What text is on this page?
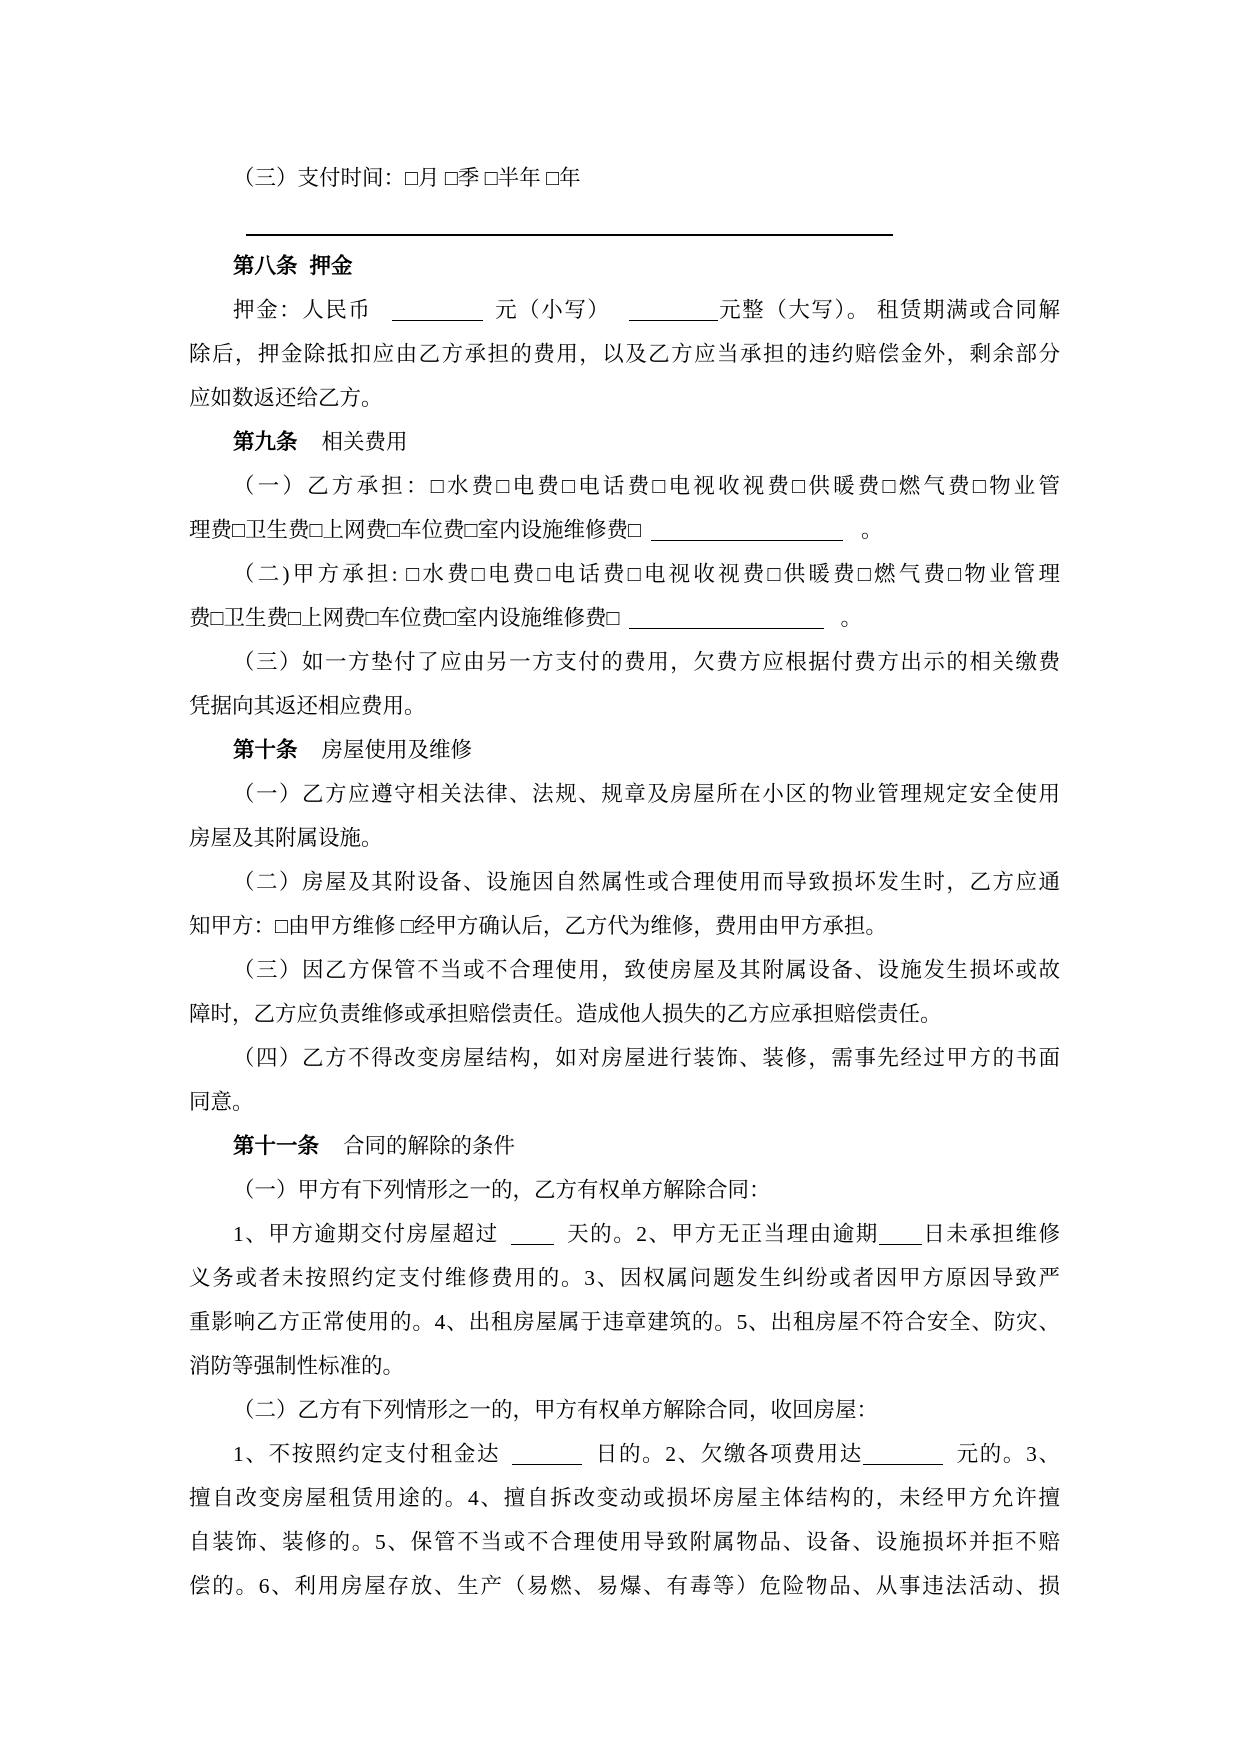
（三）支付时间：□月 □季 □半年 □年
第八条 押金
押金：人民币	元（小写）	元整（大写）。 租赁期满或合同解
除后，押金除抵扣应由乙方承担的费用，以及乙方应当承担的违约赔偿金外，剩余部分
应如数返还给乙方。
第九条 相关费用
（一）乙方承担：□水费□电费□电话费□电视收视费□供暖费□燃气费□物业管
理费□卫生费□上网费□车位费□室内设施维修费□	。
（二)甲方承担: □水费□电费□电话费□电视收视费□供暖费□燃气费□物业管理
费□卫生费□上网费□车位费□室内设施维修费□	。
（三）如一方垫付了应由另一方支付的费用，欠费方应根据付费方出示的相关缴费
凭据向其返还相应费用。
第十条 房屋使用及维修
（一）乙方应遵守相关法律、法规、规章及房屋所在小区的物业管理规定安全使用
房屋及其附属设施。
（二）房屋及其附设备、设施因自然属性或合理使用而导致损坏发生时，乙方应通
知甲方：□由甲方维修 □经甲方确认后，乙方代为维修，费用由甲方承担。
（三）因乙方保管不当或不合理使用，致使房屋及其附属设备、设施发生损坏或故
障时，乙方应负责维修或承担赔偿责任。造成他人损失的乙方应承担赔偿责任。
（四）乙方不得改变房屋结构，如对房屋进行装饰、装修，需事先经过甲方的书面
同意。
第十一条 合同的解除的条件
（一）甲方有下列情形之一的，乙方有权单方解除合同：
1、甲方逾期交付房屋超过	天的。2、甲方无正当理由逾期 日未承担维修
义务或者未按照约定支付维修费用的。3、因权属问题发生纠纷或者因甲方原因导致严
重影响乙方正常使用的。4、出租房屋属于违章建筑的。5、出租房屋不符合安全、防灾、
消防等强制性标准的。
（二）乙方有下列情形之一的，甲方有权单方解除合同，收回房屋：
1、不按照约定支付租金达	日的。2、欠缴各项费用达	元的。3、
擅自改变房屋租赁用途的。4、擅自拆改变动或损坏房屋主体结构的，未经甲方允许擅
自装饰、装修的。5、保管不当或不合理使用导致附属物品、设备、设施损坏并拒不赔
偿的。6、利用房屋存放、生产（易燃、易爆、有毒等）危险物品、从事违法活动、损
